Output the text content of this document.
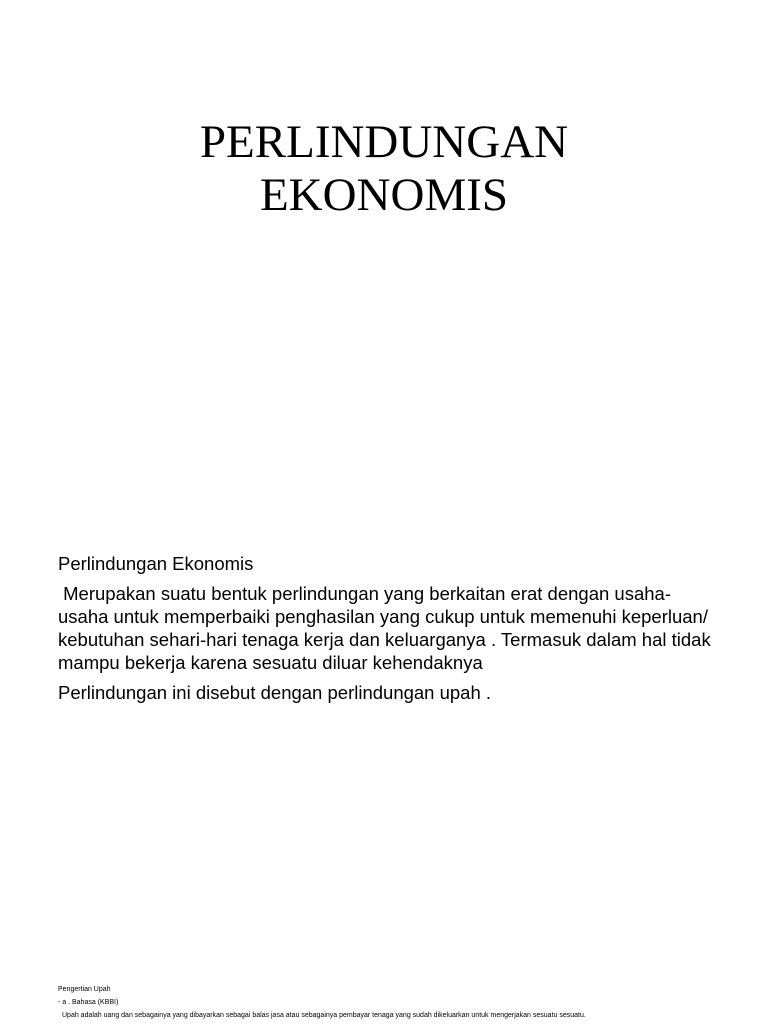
PERLINDUNGAN
EKONOMIS

Perlindungan Ekonomis

Merupakan suatu bentuk perlindungan yang berkaitan erat dengan usaha-usaha untuk memperbaiki penghasilan yang cukup untuk memenuhi keperluan/ kebutuhan sehari-hari tenaga kerja dan keluarganya . Termasuk dalam hal tidak mampu bekerja karena sesuatu diluar kehendaknya

Perlindungan ini disebut dengan perlindungan upah .

Pengertian Upah
- a . Bahasa (KBBI)
Upah adalah uang dan sebagainya yang dibayarkan sebagai balas jasa atau sebagainya pembayar tenaga yang sudah dikeluarkan untuk mengerjakan sesuatu sesuatu.
